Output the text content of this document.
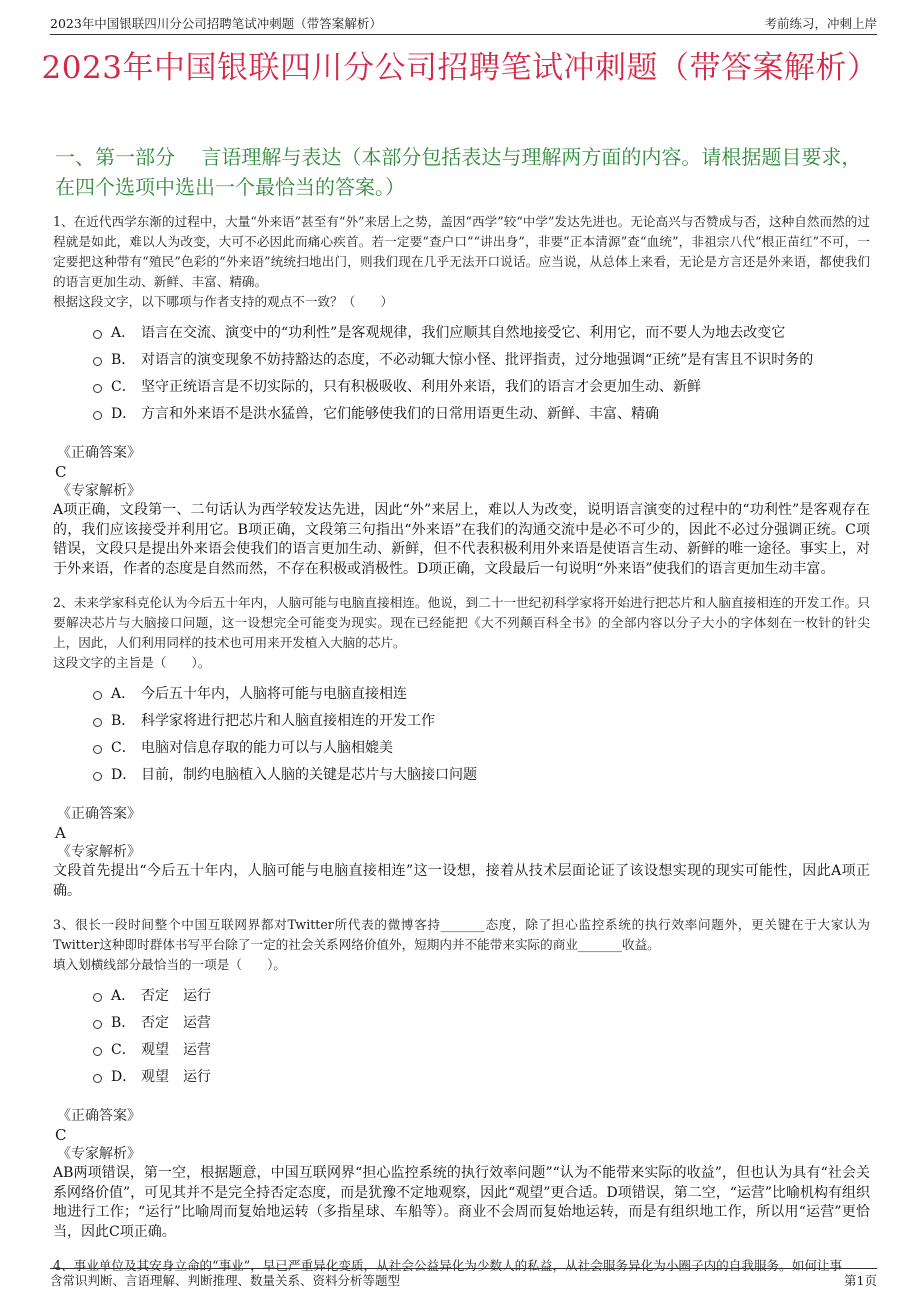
2023年中国银联四川分公司招聘笔试冲刺题（带答案解析）	考前练习，冲刺上岸
2023年中国银联四川分公司招聘笔试冲刺题（带答案解析）
一、第一部分　 言语理解与表达（本部分包括表达与理解两方面的内容。请根据题目要求，在四个选项中选出一个最恰当的答案。）
1、在近代西学东渐的过程中，大量“外来语”甚至有“外”来居上之势，盖因“西学”较“中学”发达先进也。无论高兴与否赞成与否，这种自然而然的过程就是如此，难以人为改变，大可不必因此而痛心疾首。若一定要“查户口”“讲出身”，非要“正本清源”查“血统”，非祖宗八代“根正苗红”不可，一定要把这种带有“殖民”色彩的“外来语”统统扫地出门，则我们现在几乎无法开口说话。应当说，从总体上来看，无论是方言还是外来语，都使我们的语言更加生动、新鲜、丰富、精确。
根据这段文字，以下哪项与作者支持的观点不一致？（　　）
A． 语言在交流、演变中的“功利性”是客观规律，我们应顺其自然地接受它、利用它，而不要人为地去改变它
B． 对语言的演变现象不妨持豁达的态度，不必动辄大惊小怪、批评指责，过分地强调“正统”是有害且不识时务的
C． 坚守正统语言是不切实际的，只有积极吸收、利用外来语，我们的语言才会更加生动、新鲜
D． 方言和外来语不是洪水猛兽，它们能够使我们的日常用语更生动、新鲜、丰富、精确
《正确答案》
C
《专家解析》
A项正确，文段第一、二句话认为西学较发达先进，因此“外”来居上，难以人为改变，说明语言演变的过程中的“功利性”是客观存在的，我们应该接受并利用它。B项正确，文段第三句指出“外来语”在我们的沟通交流中是必不可少的，因此不必过分强调正统。C项错误，文段只是提出外来语会使我们的语言更加生动、新鲜，但不代表积极利用外来语是使语言生动、新鲜的唯一途径。事实上，对于外来语，作者的态度是自然而然，不存在积极或消极性。D项正确，文段最后一句说明“外来语”使我们的语言更加生动丰富。
2、未来学家科克伦认为今后五十年内，人脑可能与电脑直接相连。他说，到二十一世纪初科学家将开始进行把芯片和人脑直接相连的开发工作。只要解决芯片与大脑接口问题，这一设想完全可能变为现实。现在已经能把《大不列颠百科全书》的全部内容以分子大小的字体刻在一枚针的针尖上，因此，人们利用同样的技术也可用来开发植入大脑的芯片。
这段文字的主旨是（　　）。
A． 今后五十年内，人脑将可能与电脑直接相连
B． 科学家将进行把芯片和人脑直接相连的开发工作
C． 电脑对信息存取的能力可以与人脑相媲美
D． 目前，制约电脑植入人脑的关键是芯片与大脑接口问题
《正确答案》
A
《专家解析》
文段首先提出“今后五十年内，人脑可能与电脑直接相连”这一设想，接着从技术层面论证了该设想实现的现实可能性，因此A项正确。
3、很长一段时间整个中国互联网界都对Twitter所代表的微博客持_______态度，除了担心监控系统的执行效率问题外，更关键在于大家认为Twitter这种即时群体书写平台除了一定的社会关系网络价值外，短期内并不能带来实际的商业_______收益。
填入划横线部分最恰当的一项是（　　）。
A． 否定　运行
B． 否定　运营
C． 观望　运营
D． 观望　运行
《正确答案》
C
《专家解析》
AB两项错误，第一空，根据题意，中国互联网界“担心监控系统的执行效率问题”“认为不能带来实际的收益”，但也认为具有“社会关系网络价值”，可见其并不是完全持否定态度，而是犹豫不定地观察，因此“观望”更合适。D项错误，第二空，“运营”比喻机构有组织地进行工作；“运行”比喻周而复始地运转（多指星球、车船等）。商业不会周而复始地运转，而是有组织地工作，所以用“运营”更恰当，因此C项正确。
4、事业单位及其安身立命的“事业”，早已严重异化变质，从社会公益异化为少数人的私益，从社会服务异化为小圈子内的自我服务。如何让事
含常识判断、言语理解、判断推理、数量关系、资料分析等题型	第1页
